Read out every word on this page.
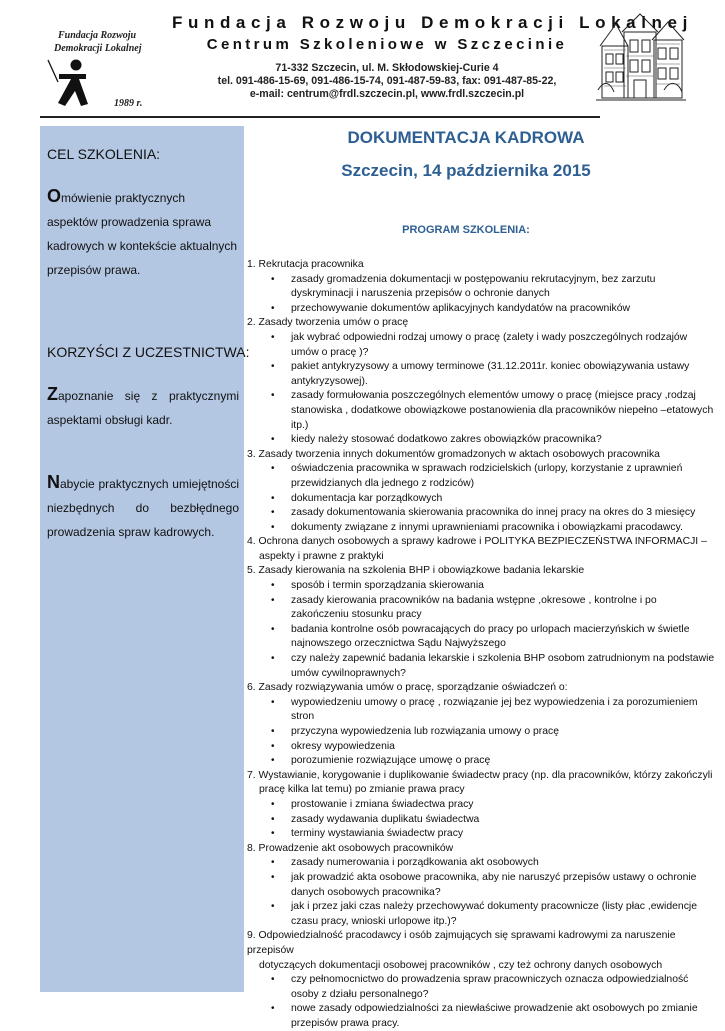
Fundacja Rozwoju
Demokracji Lokalnej
1989 r.
Fundacja Rozwoju Demokracji Lokalnej
Centrum Szkoleniowe w Szczecinie
71-332 Szczecin, ul. M. Skłodowskiej-Curie 4
tel. 091-486-15-69, 091-486-15-74, 091-487-59-83, fax: 091-487-85-22,
e-mail: centrum@frdl.szczecin.pl, www.frdl.szczecin.pl
CEL SZKOLENIA:
Omówienie praktycznych aspektów prowadzenia sprawa kadrowych w kontekście aktualnych przepisów prawa.
KORZYŚCI Z UCZESTNICTWA:
Zapoznanie się z praktycznymi aspektami obsługi kadr.
Nabycie praktycznych umiejętności niezbędnych do bezbłędnego prowadzenia spraw kadrowych.
DOKUMENTACJA KADROWA
Szczecin, 14 października 2015
PROGRAM SZKOLENIA:
1. Rekrutacja pracownika
• zasady gromadzenia dokumentacji w postępowaniu rekrutacyjnym, bez zarzutu dyskryminacji i naruszenia przepisów o ochronie danych
• przechowywanie dokumentów aplikacyjnych kandydatów na pracowników
2. Zasady tworzenia umów o pracę
• jak wybrać odpowiedni rodzaj umowy o pracę (zalety i wady poszczególnych rodzajów umów o pracę )?
• pakiet antykryzysowy a umowy terminowe (31.12.2011r. koniec obowiązywania ustawy antykryzysowej).
• zasady formułowania poszczególnych elementów umowy o pracę (miejsce pracy ,rodzaj stanowiska , dodatkowe obowiązkowe postanowienia dla pracowników niepełno –etatowych itp.)
• kiedy należy stosować dodatkowo zakres obowiązków pracownika?
3. Zasady tworzenia innych dokumentów gromadzonych w aktach osobowych pracownika
• oświadczenia pracownika w sprawach rodzicielskich (urlopy, korzystanie z uprawnień przewidzianych dla jednego z rodziców)
• dokumentacja kar porządkowych
• zasady dokumentowania skierowania pracownika do innej pracy na okres do 3 miesięcy
• dokumenty związane z innymi uprawnieniami pracownika i obowiązkami pracodawcy.
4. Ochrona danych osobowych a sprawy kadrowe i POLITYKA BEZPIECZEŃSTWA INFORMACJI –
aspekty i prawne z praktyki
5. Zasady kierowania na szkolenia BHP i obowiązkowe badania lekarskie
• sposób i termin sporządzania skierowania
• zasady kierowania pracowników na badania wstępne ,okresowe , kontrolne i po zakończeniu stosunku pracy
• badania kontrolne osób powracających do pracy po urlopach macierzyńskich w świetle najnowszego orzecznictwa Sądu Najwyższego
• czy należy zapewnić badania lekarskie i szkolenia BHP osobom zatrudnionym na podstawie umów cywilnoprawnych?
6. Zasady rozwiązywania umów o pracę, sporządzanie oświadczeń o:
• wypowiedzeniu umowy o pracę , rozwiązanie jej bez wypowiedzenia i za porozumieniem stron
• przyczyna wypowiedzenia lub rozwiązania umowy o pracę
• okresy wypowiedzenia
• porozumienie rozwiązujące umowę o pracę
7. Wystawianie, korygowanie i duplikowanie świadectw pracy (np. dla pracowników, którzy zakończyli
pracę kilka lat temu) po zmianie prawa pracy
• prostowanie i zmiana świadectwa pracy
• zasady wydawania duplikatu świadectwa
• terminy wystawiania świadectw pracy
8. Prowadzenie akt osobowych pracowników
• zasady numerowania i porządkowania akt osobowych
• jak prowadzić akta osobowe pracownika, aby nie naruszyć przepisów ustawy o ochronie danych osobowych pracownika?
• jak i przez jaki czas należy przechowywać dokumenty pracownicze (listy płac ,ewidencje czasu pracy, wnioski urlopowe itp.)?
9. Odpowiedzialność pracodawcy i osób zajmujących się sprawami kadrowymi za naruszenie przepisów
dotyczących dokumentacji osobowej pracowników , czy też ochrony danych osobowych
• czy pełnomocnictwo do prowadzenia spraw pracowniczych oznacza odpowiedzialność osoby z działu personalnego?
• nowe zasady odpowiedzialności za niewłaściwe prowadzenie akt osobowych po zmianie przepisów prawa pracy.
